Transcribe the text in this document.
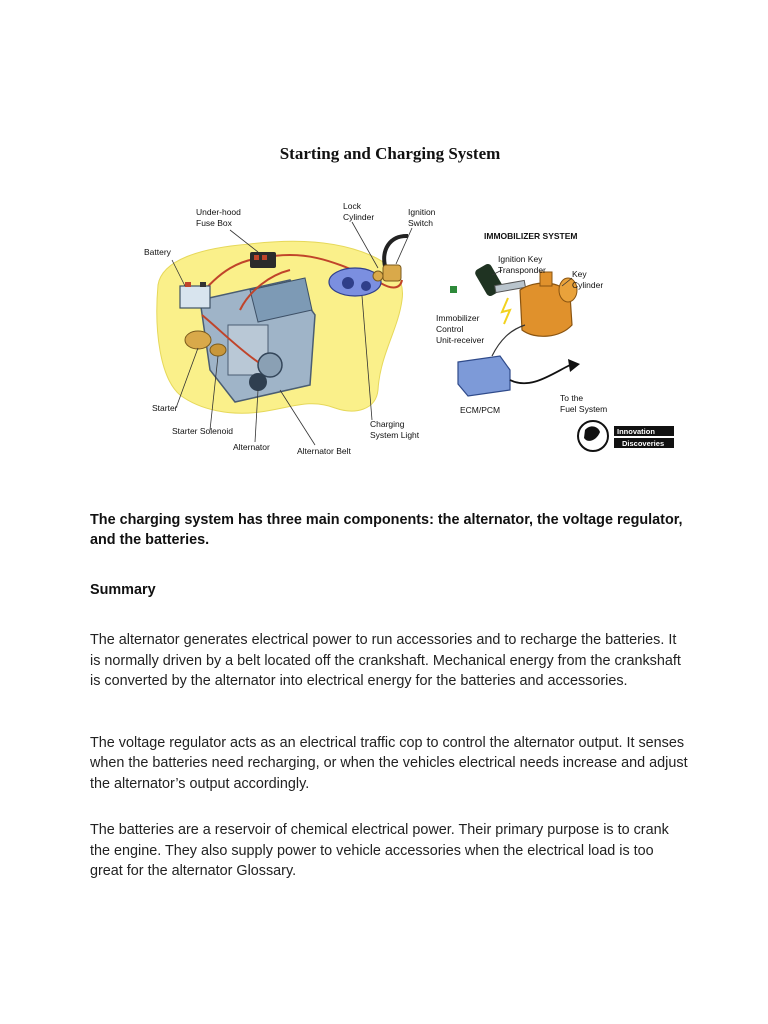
Starting and Charging System
Under-hood
Fuse Box
Lock
Cylinder	Ignition
Switch
Battery
IMMOBILIZER SYSTEM
Ignition Key
Transponder	Key
Cylinder
Immobilizer
Control
Unit-receiver
Starter
Starter Solenoid
Alternator	Alternator Belt
Charging
System Light
ECM/PCM
To the
Fuel System
Innovation
Discoveries

The charging system has three main components: the alternator, the voltage regulator, and the batteries.

Summary

The alternator generates electrical power to run accessories and to recharge the batteries. It is normally driven by a belt located off the crankshaft. Mechanical energy from the crankshaft is converted by the alternator into electrical energy for the batteries and accessories.

The voltage regulator acts as an electrical traffic cop to control the alternator output. It senses when the batteries need recharging, or when the vehicles electrical needs increase and adjust the alternator’s output accordingly.

The batteries are a reservoir of chemical electrical power. Their primary purpose is to crank the engine. They also supply power to vehicle accessories when the electrical load is too great for the alternator Glossary.
